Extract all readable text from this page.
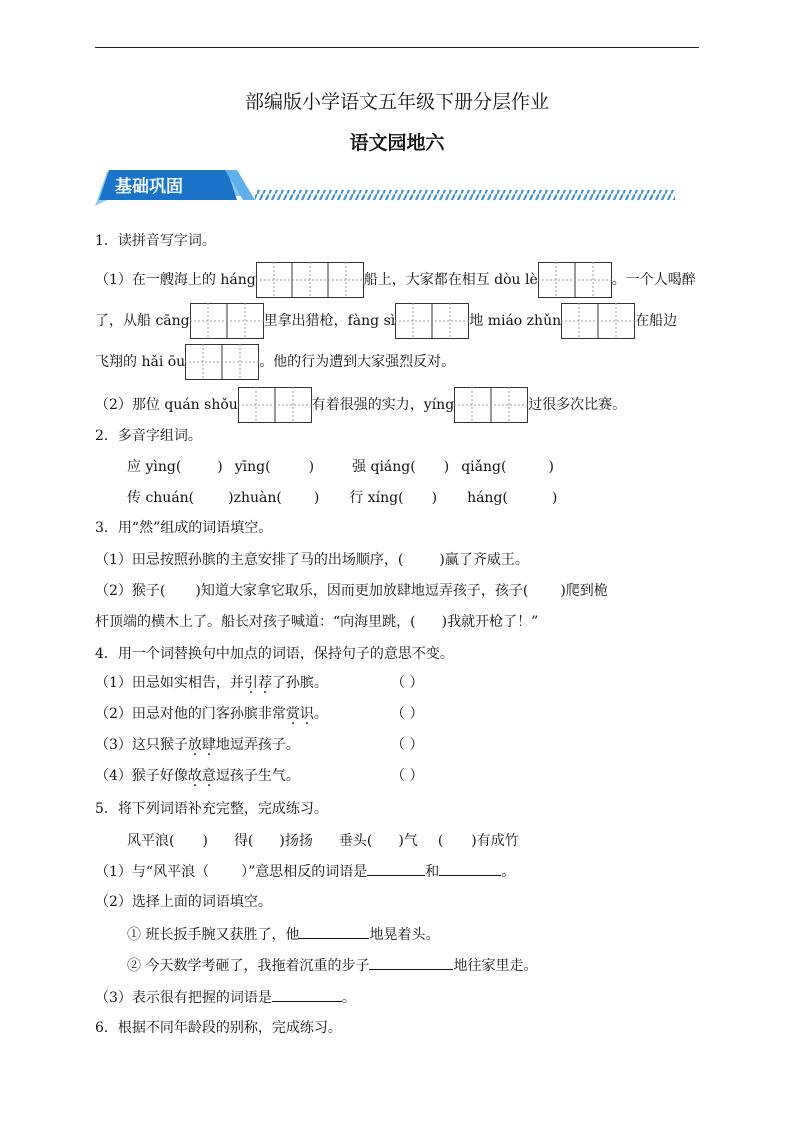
部编版小学语文五年级下册分层作业
语文园地六
基础巩固
1．读拼音写字词。
（1）在一艘海上的 háng	船上，大家都在相互 dòu lè	。一个人喝醉
了，从船 cāng	里拿出猎枪，fàng sì	地 miáo zhǔn	在船边
飞翔的 hǎi ōu	。他的行为遭到大家强烈反对。
（2）那位 quán shǒu	有着很强的实力，yíng	过很多次比赛。
2．多音字组词。
应 yìng(	) yīng(	)	强 qiáng( ) qiǎng(	)
传 chuán( )zhuàn( ) 行 xíng( ) háng(	)
3．用“然”组成的词语填空。
（1）田忌按照孙膑的主意安排了马的出场顺序，(	)赢了齐威王。
（2）猴子( )知道大家拿它取乐，因而更加放肆地逗弄孩子，孩子( )爬到桅
杆顶端的横木上了。船长对孩子喊道：“向海里跳，( )我就开枪了！”
4．用一个词替换句中加点的词语，保持句子的意思不变。
（1）田忌如实相告，并引荐了孙膑。	（ ）
（2）田忌对他的门客孙膑非常赏识。	（ ）
（3）这只猴子放肆地逗弄孩子。	（ ）
（4）猴子好像故意逗孩子生气。	（ ）
5．将下列词语补充完整，完成练习。
风平浪( ) 得( )扬扬 垂头( )气 ( )有成竹
（1）与“风平浪（ ）”意思相反的词语是	和	。
（2）选择上面的词语填空。
① 班长扳手腕又获胜了，他	地晃着头。
② 今天数学考砸了，我拖着沉重的步子	地往家里走。
（3）表示很有把握的词语是	。
6．根据不同年龄段的别称，完成练习。
